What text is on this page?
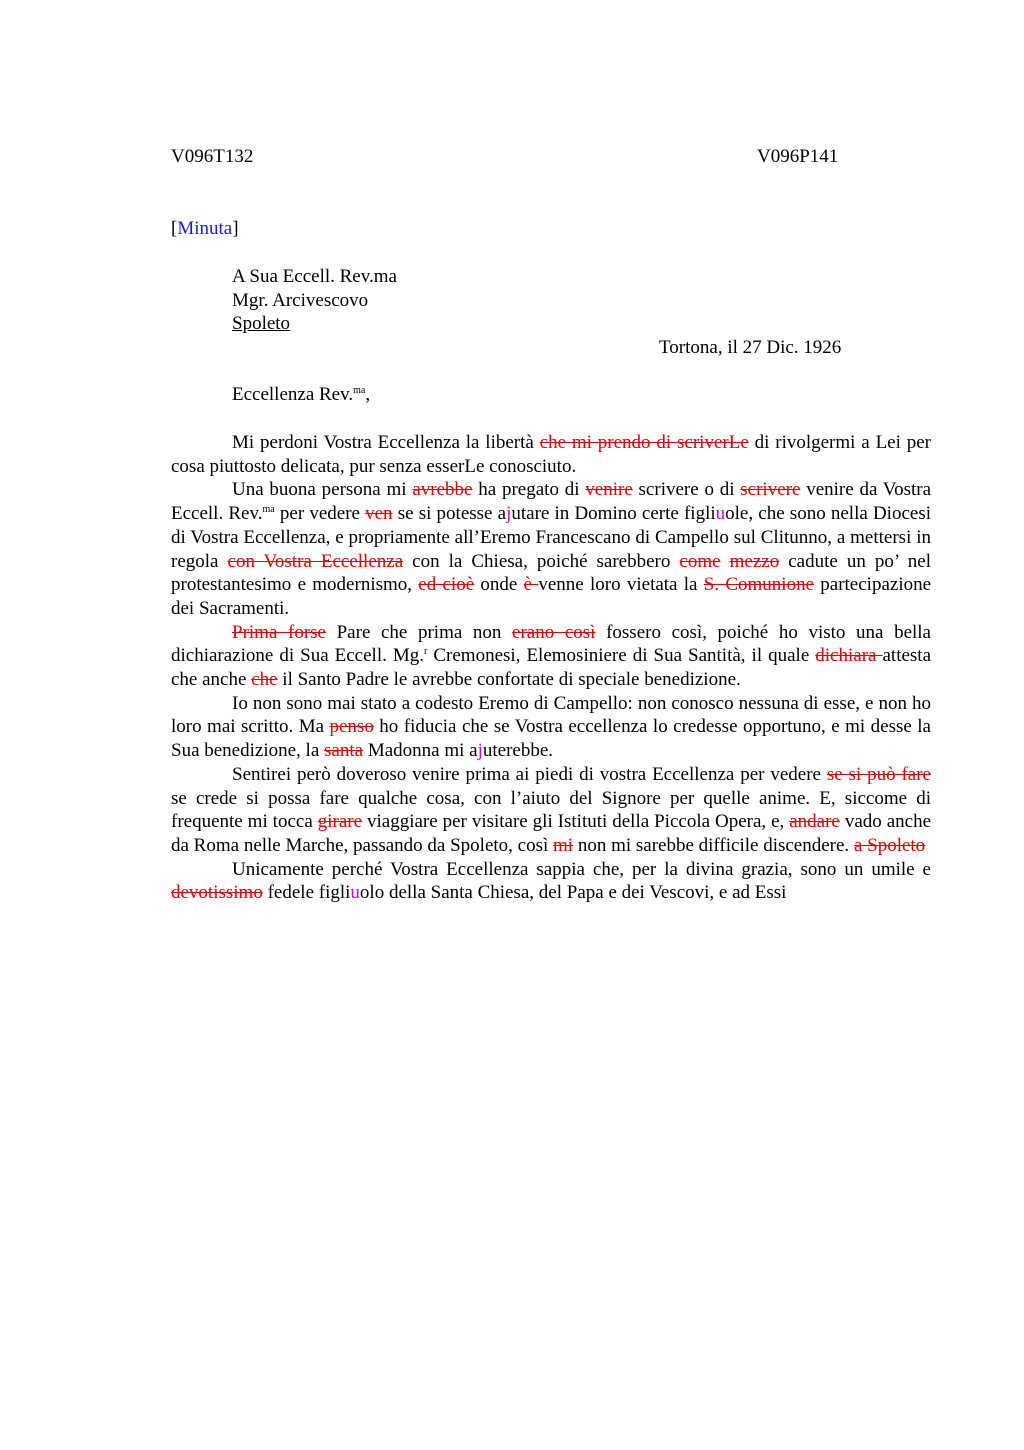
V096T132	V096P141
[Minuta]
A Sua Eccell. Rev.ma
Mgr. Arcivescovo
Spoleto
Tortona, il 27 Dic. 1926
Eccellenza Rev.$^{ma}$,

Mi perdoni Vostra Eccellenza la libertà che mi prendo di scriverLe di rivolgermi a Lei per cosa piuttosto delicata, pur senza esserLe conosciuto.

Una buona persona mi avrebbe ha pregato di venire scrivere o di scrivere venire da Vostra Eccell. Rev.$^{ma}$ per vedere ven se si potesse ajutare in Domino certe figliuole, che sono nella Diocesi di Vostra Eccellenza, e propriamente all’Eremo Francescano di Campello sul Clitunno, a mettersi in regola con Vostra Eccellenza con la Chiesa, poiché sarebbero come mezzo cadute un po’ nel protestantesimo e modernismo, ed cioè onde è venne loro vietata la S. Comunione partecipazione dei Sacramenti.

Prima forse Pare che prima non erano così fossero così, poiché ho visto una bella dichiarazione di Sua Eccell. Mg.$^r$ Cremonesi, Elemosiniere di Sua Santità, il quale dichiara attesta che anche che il Santo Padre le avrebbe confortate di speciale benedizione.

Io non sono mai stato a codesto Eremo di Campello: non conosco nessuna di esse, e non ho loro mai scritto. Ma penso ho fiducia che se Vostra eccellenza lo credesse opportuno, e mi desse la Sua benedizione, la santa Madonna mi ajuterebbe.

Sentirei però doveroso venire prima ai piedi di vostra Eccellenza per vedere se si può fare se crede si possa fare qualche cosa, con l’aiuto del Signore per quelle anime. E, siccome di frequente mi tocca girare viaggiare per visitare gli Istituti della Piccola Opera, e, andare vado anche da Roma nelle Marche, passando da Spoleto, così mi non mi sarebbe difficile discendere. a Spoleto

Unicamente perché Vostra Eccellenza sappia che, per la divina grazia, sono un umile e devotissimo fedele figliuolo della Santa Chiesa, del Papa e dei Vescovi, e ad Essi
